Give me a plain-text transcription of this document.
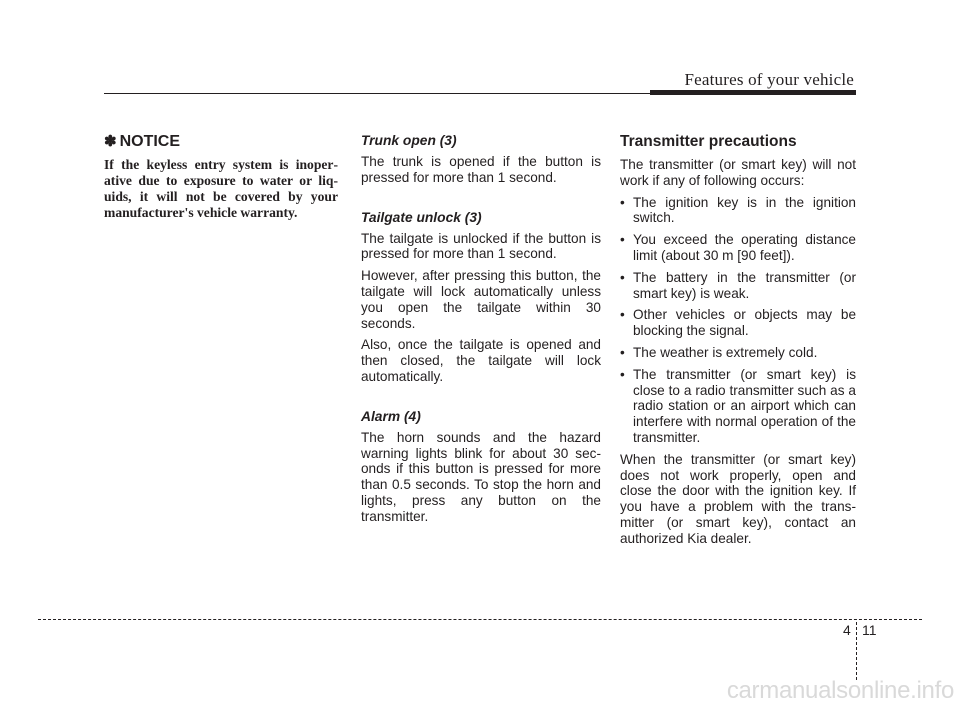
Features of your vehicle
✽ NOTICE

If the keyless entry system is inoperative due to exposure to water or liquids, it will not be covered by your manufacturer's vehicle warranty.

Trunk open (3)

The trunk is opened if the button is pressed for more than 1 second.

Tailgate unlock (3)

The tailgate is unlocked if the button is pressed for more than 1 second.

However, after pressing this button, the tailgate will lock automatically unless you open the tailgate within 30 seconds.

Also, once the tailgate is opened and then closed, the tailgate will lock automatically.

Alarm (4)

The horn sounds and the hazard warning lights blink for about 30 seconds if this button is pressed for more than 0.5 seconds. To stop the horn and lights, press any button on the transmitter.

Transmitter precautions

The transmitter (or smart key) will not work if any of following occurs:

• The ignition key is in the ignition switch.
• You exceed the operating distance limit (about 30 m [90 feet]).
• The battery in the transmitter (or smart key) is weak.
• Other vehicles or objects may be blocking the signal.
• The weather is extremely cold.
• The transmitter (or smart key) is close to a radio transmitter such as a radio station or an airport which can interfere with normal operation of the transmitter.

When the transmitter (or smart key) does not work properly, open and close the door with the ignition key. If you have a problem with the transmitter (or smart key), contact an authorized Kia dealer.

4 11
carmanualsonline.info
